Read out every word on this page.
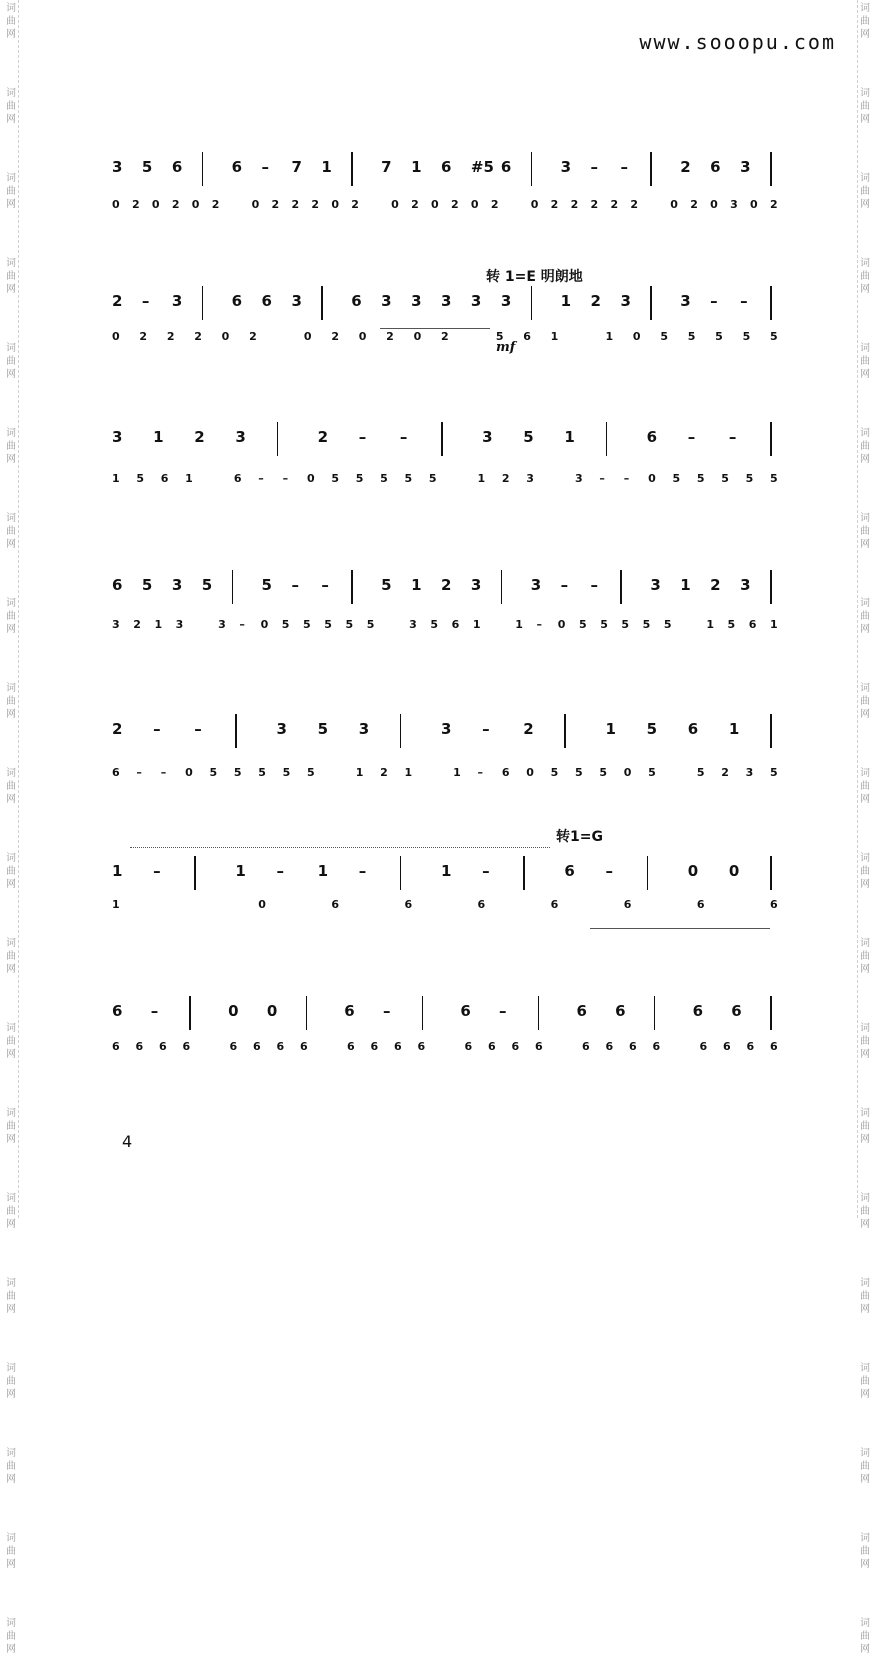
词
曲
网
词
曲
网
词
曲
网
词
曲
网
词
曲
网
词
曲
网
词
曲
网
词
曲
网
词
曲
网
词
曲
网
词
曲
网
词
曲
网
词
曲
网
词
曲
网
词
曲
网
词
曲
网
词
曲
网
词
曲
网
词
曲
网
词
曲
网
词
曲
网
词
曲
网
词
曲
网
词
曲
网
词
曲
网
词
曲
网
词
曲
网
词
曲
网
词
曲
网
词
曲
网
词
曲
网
词
曲
网
词
曲
网
词
曲
网
词
曲
网
词
曲
网
词
曲
网
词
曲
网
词
曲
网
词
曲
网
www.sooopu.com
转 1=E 明朗地
mf
转1=G
3 5 6	6 – 7 1	7 1 6 #5 6	3 – –	2 6 3
0 2 0 2 0 2	0 2 2 2 0 2	0 2 0 2 0 2	0 2 2 2 2 2	0 2 0 3 0 2
2 – 3	6 6 3	6 3 3 3 3 3	1 2 3	3 – –
0 2 2 2 0 2	0 2 0 2 0 2	5 6 1	1 0 5 5 5 5 5
3 1 2 3	2 – –	3 5 1	6 – –
1 5 6 1	6 – – 0 5 5 5 5 5	1 2 3	3 – – 0 5 5 5 5 5
6 5 3 5	5 – –	5 1 2 3	3 – –	3 1 2 3
3 2 1 3	3 – 0 5 5 5 5 5	3 5 6 1	1 – 0 5 5 5 5 5	1 5 6 1
2 – –	3 5 3	3 – 2	1 5 6 1
6 – – 0 5 5 5 5 5	1 2 1	1 – 6 0 5 5 5 0 5	5 2 3 5
1 –	1 – 1 –	1 –	6 –	0 0
1	0	6	6	6	6	6	6	6
6 –	0 0	6 –	6 –	6 6	6 6
6 6 6 6	6 6 6 6	6 6 6 6	6 6 6 6	6 6 6 6	6 6 6 6
4
